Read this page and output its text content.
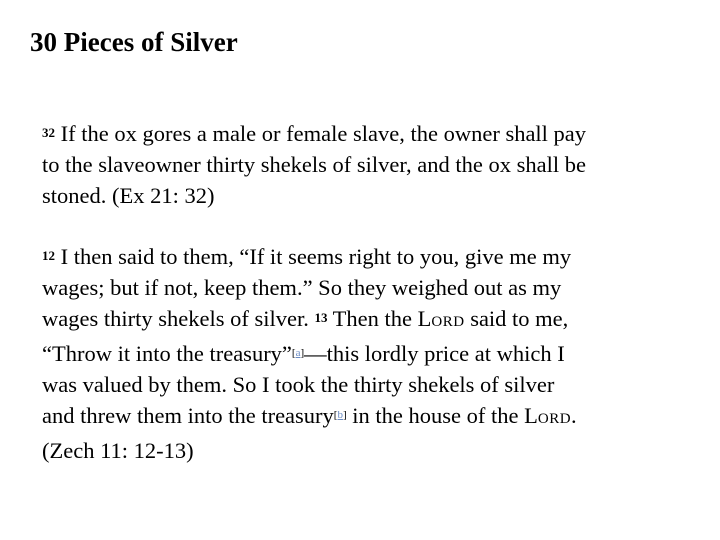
30 Pieces of Silver

$^{32}$ If the ox gores a male or female slave, the owner shall pay
to the slaveowner thirty shekels of silver, and the ox shall be
stoned. (Ex 21: 32)

$^{12}$ I then said to them, “If it seems right to you, give me my
wages; but if not, keep them.” So they weighed out as my
wages thirty shekels of silver. $^{13}$ Then the LORD said to me,
“Throw it into the treasury”[a]—this lordly price at which I
was valued by them. So I took the thirty shekels of silver
and threw them into the treasury[b] in the house of the LORD.
(Zech 11: 12-13)
